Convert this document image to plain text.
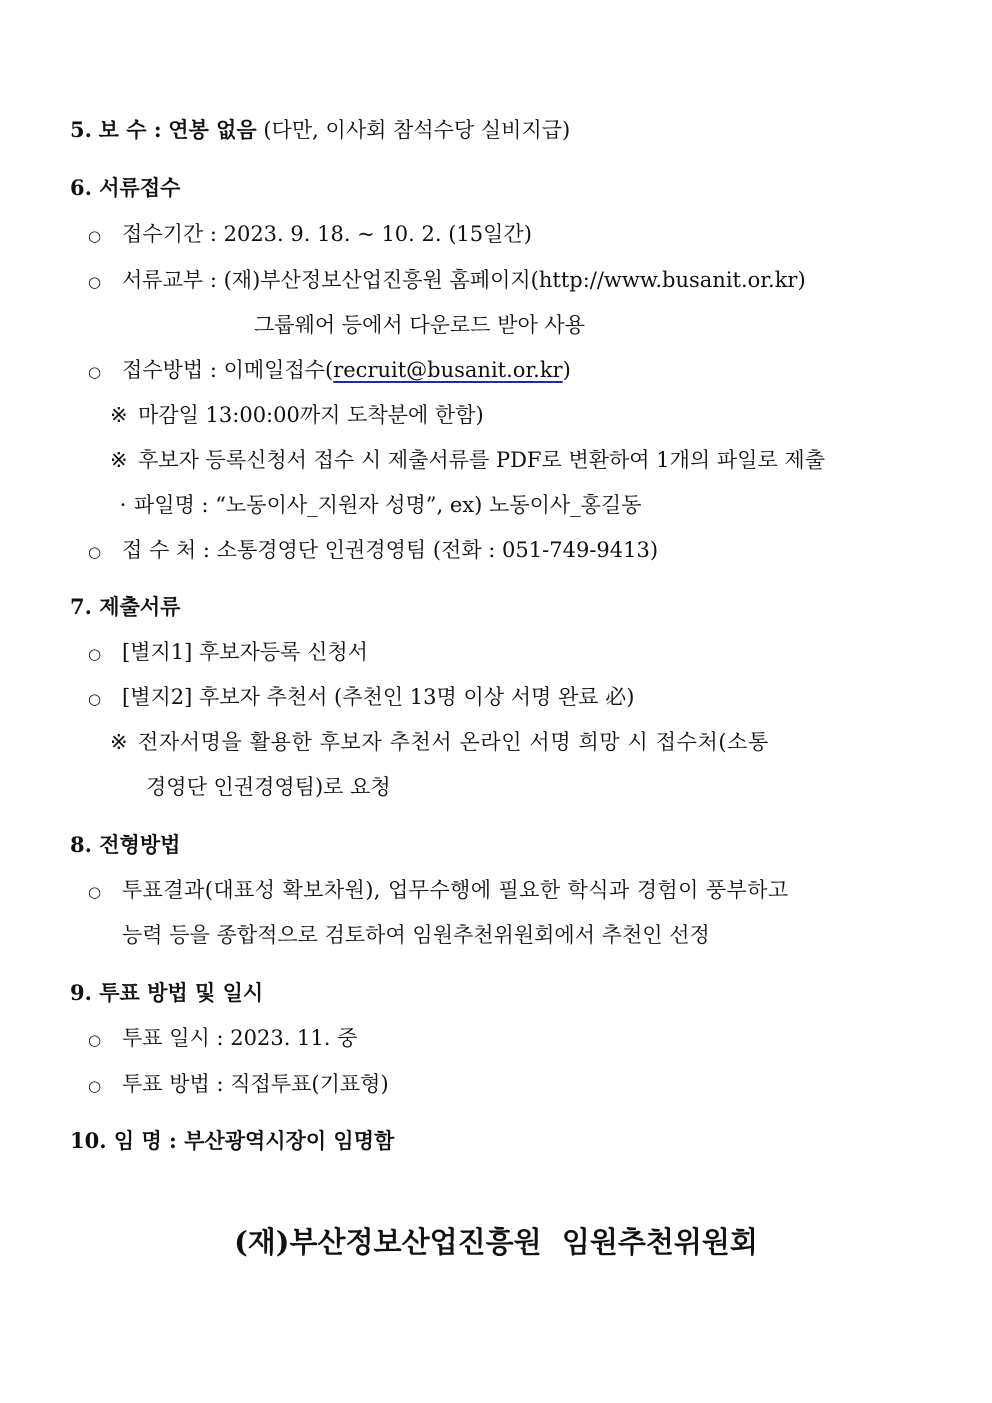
5. 보 수 : 연봉 없음 (다만, 이사회 참석수당 실비지급)
6. 서류접수
○ 접수기간 : 2023. 9. 18. ~ 10. 2. (15일간)
○ 서류교부 : (재)부산정보산업진흥원 홈페이지(http://www.busanit.or.kr)
그룹웨어 등에서 다운로드 받아 사용
○ 접수방법 : 이메일접수(recruit@busanit.or.kr)
※ 마감일 13:00:00까지 도착분에 한함)
※ 후보자 등록신청서 접수 시 제출서류를 PDF로 변환하여 1개의 파일로 제출
· 파일명 : “노동이사_지원자 성명”, ex) 노동이사_홍길동
○ 접 수 처 : 소통경영단 인권경영팀 (전화 : 051-749-9413)
7. 제출서류
○ [별지1] 후보자등록 신청서
○ [별지2] 후보자 추천서 (추천인 13명 이상 서명 완료 必)
※ 전자서명을 활용한 후보자 추천서 온라인 서명 희망 시 접수처(소통
경영단 인권경영팀)로 요청
8. 전형방법
○ 투표결과(대표성 확보차원), 업무수행에 필요한 학식과 경험이 풍부하고
능력 등을 종합적으로 검토하여 임원추천위원회에서 추천인 선정
9. 투표 방법 및 일시
○ 투표 일시 : 2023. 11. 중
○ 투표 방법 : 직접투표(기표형)
10. 임 명 : 부산광역시장이 임명함
(재)부산정보산업진흥원  임원추천위원회
